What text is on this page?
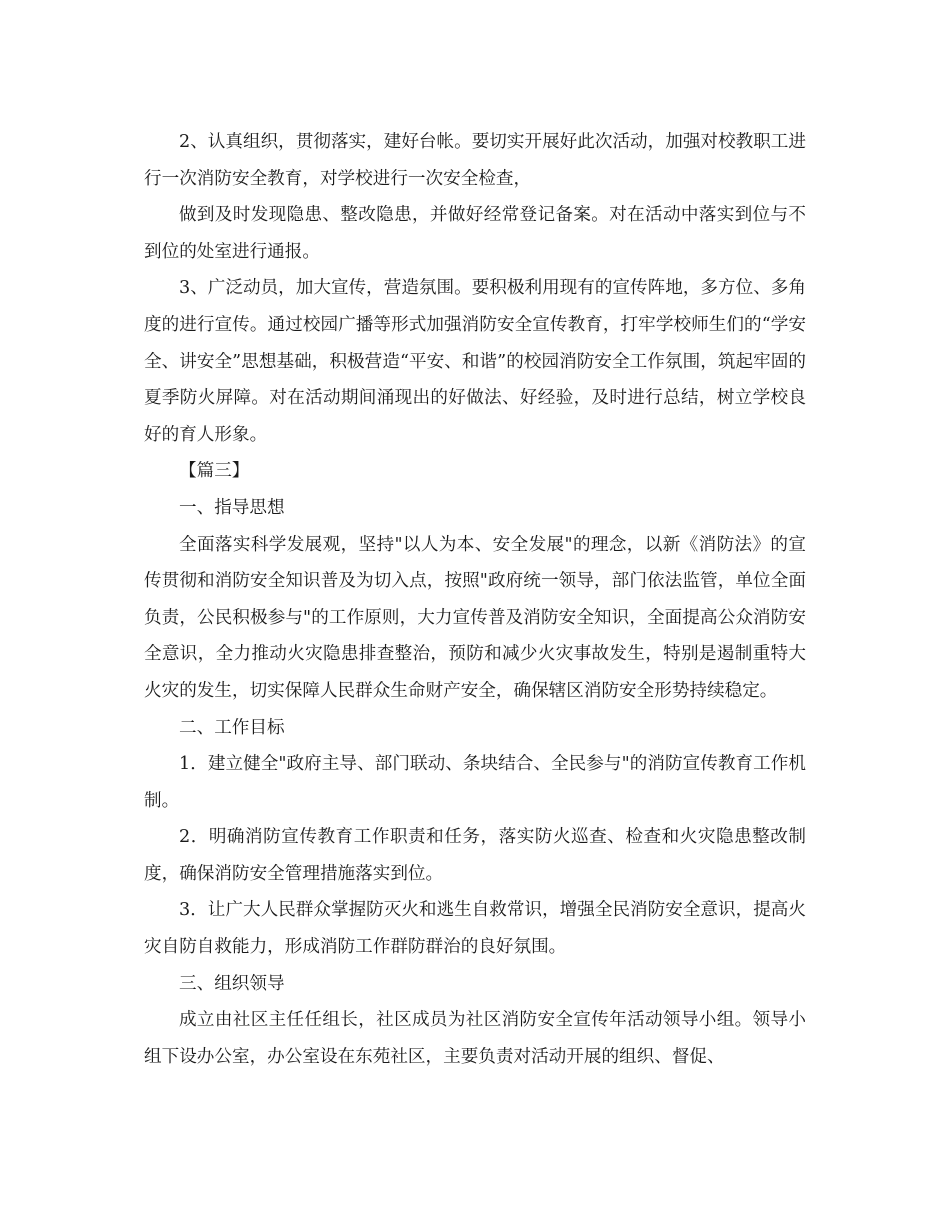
2、认真组织，贯彻落实，建好台帐。要切实开展好此次活动，加强对校教职工进行一次消防安全教育，对学校进行一次安全检查，

做到及时发现隐患、整改隐患，并做好经常登记备案。对在活动中落实到位与不到位的处室进行通报。

3、广泛动员，加大宣传，营造氛围。要积极利用现有的宣传阵地，多方位、多角度的进行宣传。通过校园广播等形式加强消防安全宣传教育，打牢学校师生们的“学安全、讲安全”思想基础，积极营造“平安、和谐”的校园消防安全工作氛围，筑起牢固的夏季防火屏障。对在活动期间涌现出的好做法、好经验，及时进行总结，树立学校良好的育人形象。

【篇三】

一、指导思想

全面落实科学发展观，坚持"以人为本、安全发展"的理念，以新《消防法》的宣传贯彻和消防安全知识普及为切入点，按照"政府统一领导，部门依法监管，单位全面负责，公民积极参与"的工作原则，大力宣传普及消防安全知识，全面提高公众消防安全意识，全力推动火灾隐患排查整治，预防和减少火灾事故发生，特别是遏制重特大火灾的发生，切实保障人民群众生命财产安全，确保辖区消防安全形势持续稳定。

二、工作目标

1．建立健全"政府主导、部门联动、条块结合、全民参与"的消防宣传教育工作机制。

2．明确消防宣传教育工作职责和任务，落实防火巡查、检查和火灾隐患整改制度，确保消防安全管理措施落实到位。

3．让广大人民群众掌握防灭火和逃生自救常识，增强全民消防安全意识，提高火灾自防自救能力，形成消防工作群防群治的良好氛围。

三、组织领导

成立由社区主任任组长，社区成员为社区消防安全宣传年活动领导小组。领导小组下设办公室，办公室设在东苑社区，主要负责对活动开展的组织、督促、
